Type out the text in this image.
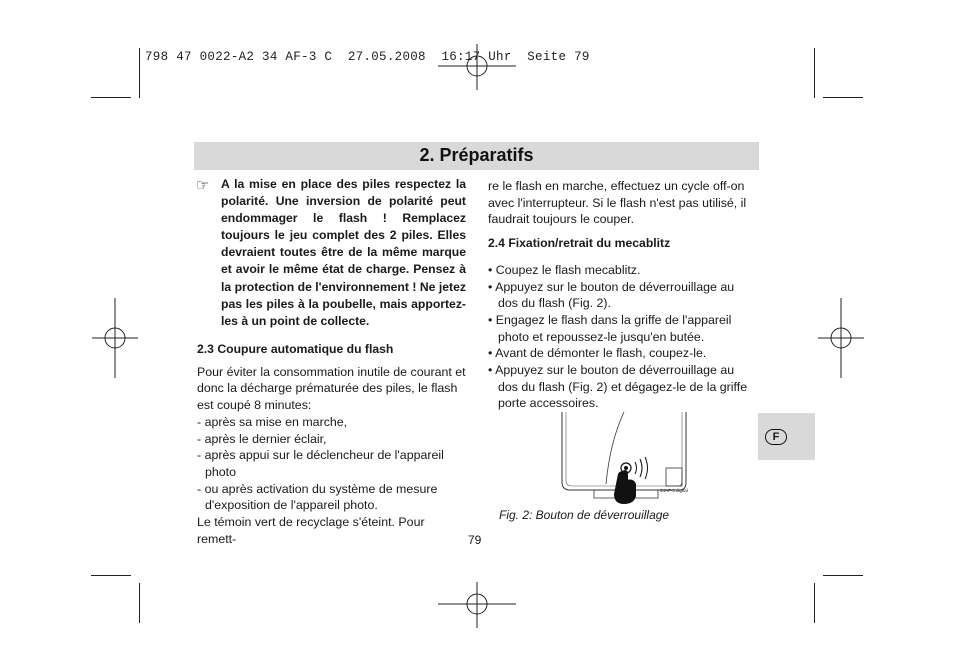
798 47 0022-A2 34 AF-3 C  27.05.2008  16:17 Uhr  Seite 79
2. Préparatifs
☞ A la mise en place des piles respectez la polarité. Une inversion de polarité peut endommager le flash ! Remplacez toujours le jeu complet des 2 piles. Elles devraient toutes être de la même marque et avoir le même état de charge. Pensez à la protection de l'environnement ! Ne jetez pas les piles à la poubelle, mais apportez-les à un point de collecte.

2.3 Coupure automatique du flash

Pour éviter la consommation inutile de courant et donc la décharge prématurée des piles, le flash est coupé 8 minutes:

- après sa mise en marche,

- après le dernier éclair,

- après appui sur le déclencheur de l'appareil photo

- ou après activation du système de mesure d'exposition de l'appareil photo.

Le témoin vert de recyclage s'éteint. Pour remett-

re le flash en marche, effectuez un cycle off-on avec l'interrupteur. Si le flash n'est pas utilisé, il faudrait toujours le couper.

2.4 Fixation/retrait du mecablitz

• Coupez le flash mecablitz.

• Appuyez sur le bouton de déverrouillage au dos du flash (Fig. 2).

• Engagez le flash dans la griffe de l'appareil photo et repoussez-le jusqu'en butée.

• Avant de démonter le flash, coupez-le.

• Appuyez sur le bouton de déverrouillage au dos du flash (Fig. 2) et dégagez-le de la griffe porte accessoires.

34AF-3 digital
Fig. 2: Bouton de déverrouillage
F
79
